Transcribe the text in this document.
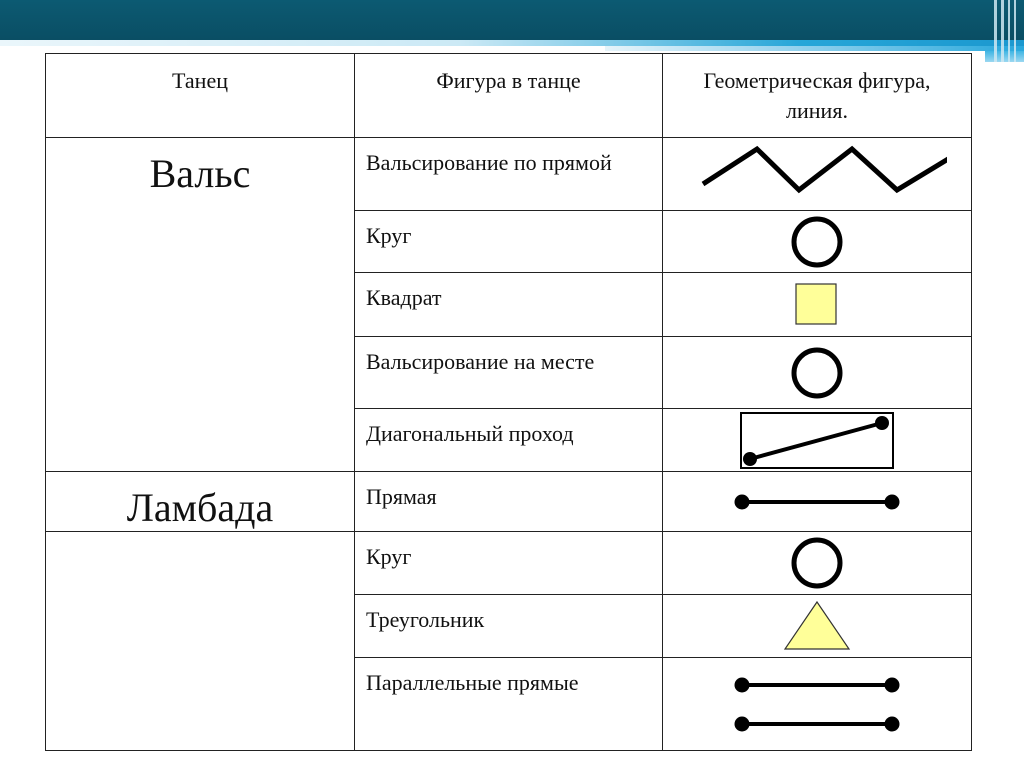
Танец	Фигура в танце	Геометрическая фигура, линия.

Вальс	Вальсирование по прямой

	Круг

	Квадрат

	Вальсирование на месте

	Диагональный проход

Ламбада	Прямая

	Круг

	Треугольник

	Параллельные прямые
